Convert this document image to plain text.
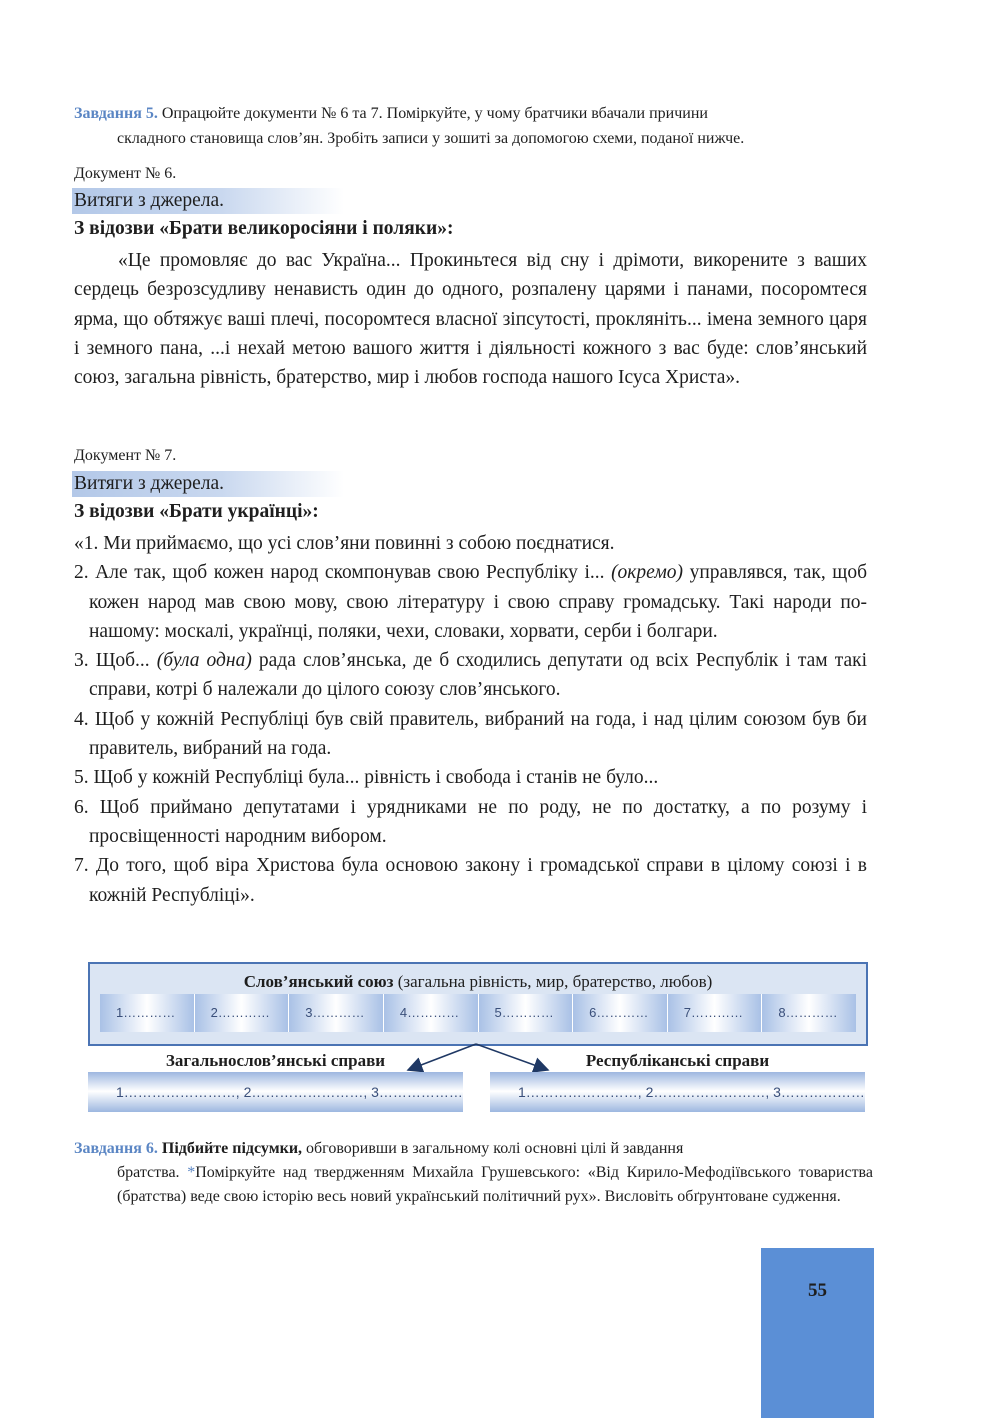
Завдання 5. Опрацюйте документи № 6 та 7. Поміркуйте, у чому братчики вбачали причини
складного становища слов’ян. Зробіть записи у зошиті за допомогою схеми, поданої нижче.
Документ № 6.
Витяги з джерела.
З відозви «Брати великоросіяни і поляки»:
«Це промовляє до вас Україна... Прокиньтеся від сну і дрімоти, викорените з ваших сердець безрозсудливу ненависть один до одного, розпалену царями і панами, посоромтеся ярма, що обтяжує ваші плечі, посоромтеся власної зіпсутості, прокляніть... імена земного царя і земного пана, ...і нехай метою вашого життя і діяльності кожного з вас буде: слов’янський союз, загальна рівність, братерство, мир і любов господа нашого Ісуса Христа».
Документ № 7.
Витяги з джерела.
З відозви «Брати українці»:
«1. Ми приймаємо, що усі слов’яни повинні з собою поєднатися.
2. Але так, щоб кожен народ скомпонував свою Республіку і... (окремо) управлявся, так, щоб кожен народ мав свою мову, свою літературу і свою справу громадську. Такі народи по-нашому: москалі, українці, поляки, чехи, словаки, хорвати, серби і болгари.
3. Щоб... (була одна) рада слов’янська, де б сходились депутати од всіх Республік і там такі справи, котрі б належали до цілого союзу слов’янського.
4. Щоб у кожній Республіці був свій правитель, вибраний на года, і над цілим союзом був би правитель, вибраний на года.
5. Щоб у кожній Республіці була... рівність і свобода і станів не було...
6. Щоб приймано депутатами і урядниками не по роду, не по достатку, а по розуму і просвіщенності народним вибором.
7. До того, щоб віра Христова була основою закону і громадської справи в цілому союзі і в кожній Республіці».
Слов’янський союз (загальна рівність, мир, братерство, любов)
1…………	2…………	3…………	4…………	5…………	6…………	7…………	8…………
Загальнослов’янські справи
1……………………, 2……………………, 3………………
Республіканські справи
1……………………, 2……………………, 3………………
Завдання 6. Підбийте підсумки, обговоривши в загальному колі основні цілі й завдання
братства. *Поміркуйте над твердженням Михайла Грушевського: «Від Кирило-Мефодіївського товариства (братства) веде свою історію весь новий український політичний рух». Висловіть обґрунтоване судження.
55
